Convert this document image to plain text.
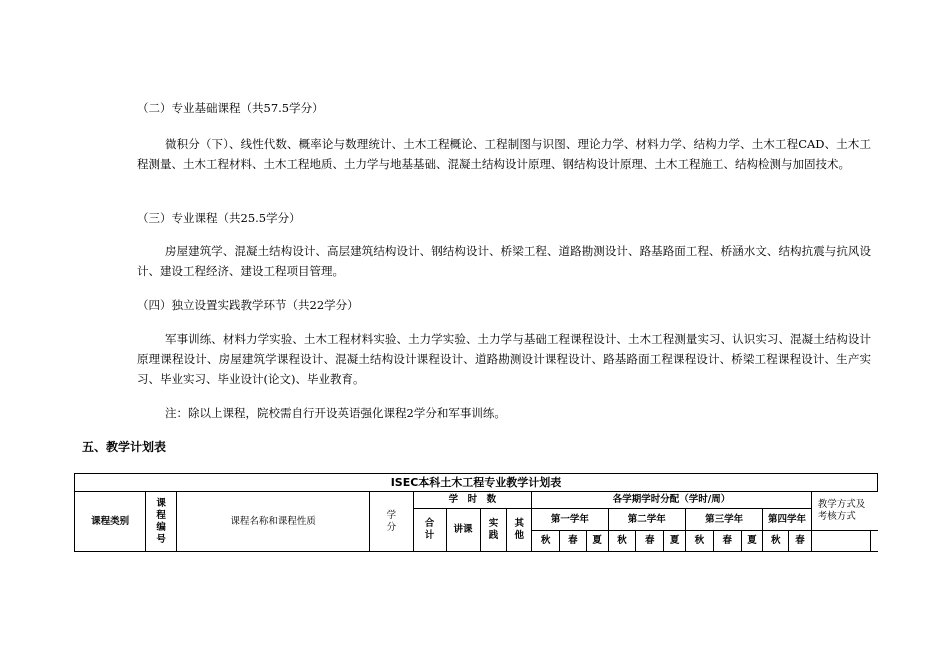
（二）专业基础课程（共57.5学分）
微积分（下）、线性代数、概率论与数理统计、土木工程概论、工程制图与识图、理论力学、材料力学、结构力学、土木工程CAD、土木工程测量、土木工程材料、土木工程地质、土力学与地基基础、混凝土结构设计原理、钢结构设计原理、土木工程施工、结构检测与加固技术。
（三）专业课程（共25.5学分）
房屋建筑学、混凝土结构设计、高层建筑结构设计、钢结构设计、桥梁工程、道路勘测设计、路基路面工程、桥涵水文、结构抗震与抗风设计、建设工程经济、建设工程项目管理。
（四）独立设置实践教学环节（共22学分）
军事训练、材料力学实验、土木工程材料实验、土力学实验、土力学与基础工程课程设计、土木工程测量实习、认识实习、混凝土结构设计原理课程设计、房屋建筑学课程设计、混凝土结构设计课程设计、道路勘测设计课程设计、路基路面工程课程设计、桥梁工程课程设计、生产实习、毕业实习、毕业设计(论文)、毕业教育。
注：除以上课程，院校需自行开设英语强化课程2学分和军事训练。
五、教学计划表
ISEC本科土木工程专业教学计划表																				
课程类别	课程编号	课程名称和课程性质	学分	学　时　数				各学期学时分配（学时/周）											教学方式及考核方式	
				合计	讲课	实践	其他	第一学年			第二学年			第三学年			第四学年			
								秋	春	夏	秋	春	夏	秋	春	夏	秋	春		
